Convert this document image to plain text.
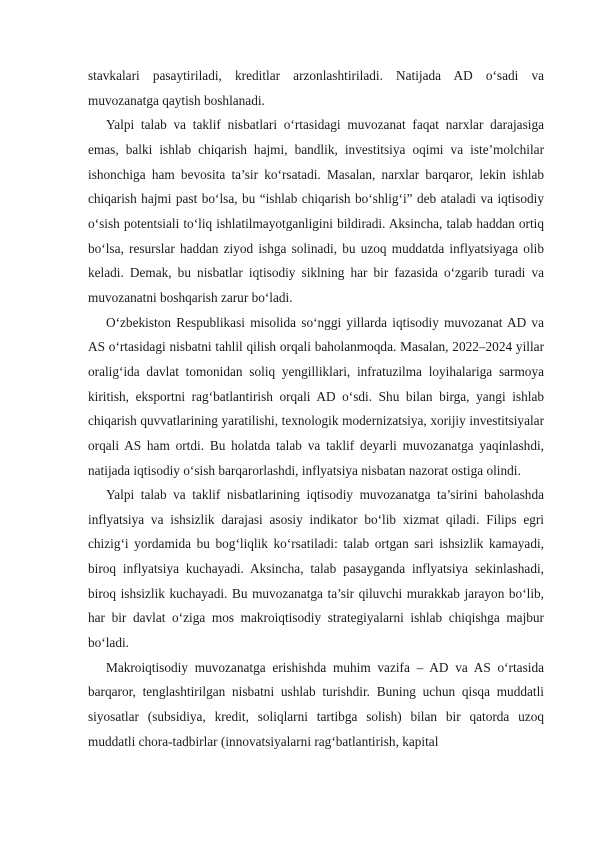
stavkalari pasaytiriladi, kreditlar arzonlashtiriladi. Natijada AD o‘sadi va muvozanatga qaytish boshlanadi.

Yalpi talab va taklif nisbatlari o‘rtasidagi muvozanat faqat narxlar darajasiga emas, balki ishlab chiqarish hajmi, bandlik, investitsiya oqimi va iste’molchilar ishonchiga ham bevosita ta’sir ko‘rsatadi. Masalan, narxlar barqaror, lekin ishlab chiqarish hajmi past bo‘lsa, bu “ishlab chiqarish bo‘shlig‘i” deb ataladi va iqtisodiy o‘sish potentsiali to‘liq ishlatilmayotganligini bildiradi. Aksincha, talab haddan ortiq bo‘lsa, resurslar haddan ziyod ishga solinadi, bu uzoq muddatda inflyatsiyaga olib keladi. Demak, bu nisbatlar iqtisodiy siklning har bir fazasida o‘zgarib turadi va muvozanatni boshqarish zarur bo‘ladi.

O‘zbekiston Respublikasi misolida so‘nggi yillarda iqtisodiy muvozanat AD va AS o‘rtasidagi nisbatni tahlil qilish orqali baholanmoqda. Masalan, 2022–2024 yillar oralig‘ida davlat tomonidan soliq yengilliklari, infratuzilma loyihalariga sarmoya kiritish, eksportni rag‘batlantirish orqali AD o‘sdi. Shu bilan birga, yangi ishlab chiqarish quvvatlarining yaratilishi, texnologik modernizatsiya, xorijiy investitsiyalar orqali AS ham ortdi. Bu holatda talab va taklif deyarli muvozanatga yaqinlashdi, natijada iqtisodiy o‘sish barqarorlashdi, inflyatsiya nisbatan nazorat ostiga olindi.

Yalpi talab va taklif nisbatlarining iqtisodiy muvozanatga ta’sirini baholashda inflyatsiya va ishsizlik darajasi asosiy indikator bo‘lib xizmat qiladi. Filips egri chizig‘i yordamida bu bog‘liqlik ko‘rsatiladi: talab ortgan sari ishsizlik kamayadi, biroq inflyatsiya kuchayadi. Aksincha, talab pasayganda inflyatsiya sekinlashadi, biroq ishsizlik kuchayadi. Bu muvozanatga ta’sir qiluvchi murakkab jarayon bo‘lib, har bir davlat o‘ziga mos makroiqtisodiy strategiyalarni ishlab chiqishga majbur bo‘ladi.

Makroiqtisodiy muvozanatga erishishda muhim vazifa – AD va AS o‘rtasida barqaror, tenglashtirilgan nisbatni ushlab turishdir. Buning uchun qisqa muddatli siyosatlar (subsidiya, kredit, soliqlarni tartibga solish) bilan bir qatorda uzoq muddatli chora-tadbirlar (innovatsiyalarni rag‘batlantirish, kapital
